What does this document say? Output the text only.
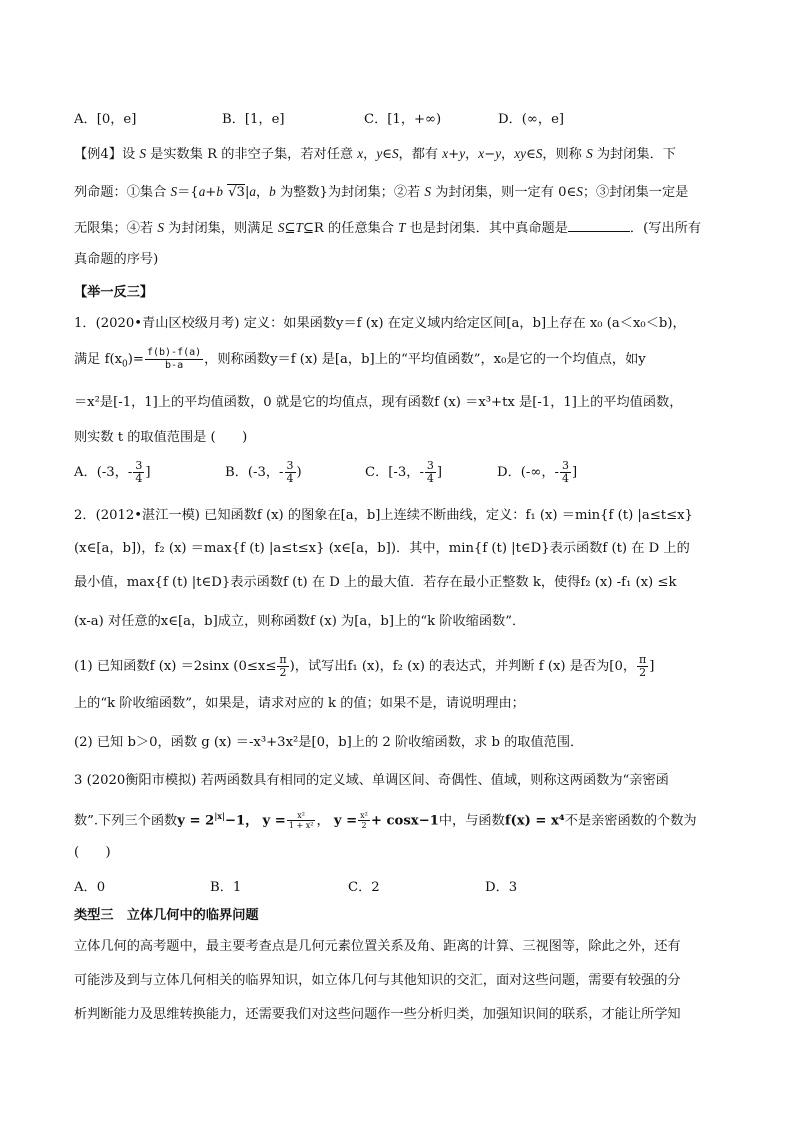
A．[0，e]	B．[1，e]	C．[1，+∞)	D．(∞，e]
【例4】设 S 是实数集 R 的非空子集，若对任意 x，y∈S，都有 x+y，x−y，xy∈S，则称 S 为封闭集．下
列命题：①集合 S＝{a+b √3|a，b 为整数}为封闭集；②若 S 为封闭集，则一定有 0∈S；③封闭集一定是
无限集；④若 S 为封闭集，则满足 S⊆T⊆R 的任意集合 T 也是封闭集．其中真命题是	．(写出所有
真命题的序号)
【举一反三】
1．(2020•青山区校级月考) 定义：如果函数y＝f (x) 在定义域内给定区间[a，b]上存在 x₀ (a＜x₀＜b)，
满足 $f(x_0)= \frac{f(b)-f(a)}{b-a}$ ，则称函数y＝f (x) 是[a，b]上的“平均值函数”，x₀是它的一个均值点，如y
＝x²是[-1，1]上的平均值函数，0 就是它的均值点，现有函数f (x) ＝x³+tx 是[-1，1]上的平均值函数，
则实数 t 的取值范围是 (　　)
A．(-3，- $\frac{3}{4}$ ]	B．(-3，- $\frac{3}{4}$ )	C．[-3，- $\frac{3}{4}$ ]	D．(-∞，- $\frac{3}{4}$ ]
2．(2012•湛江一模) 已知函数f (x) 的图象在[a，b]上连续不断曲线，定义：f₁ (x) ＝min{f (t) |a≤t≤x}
(x∈[a，b])，f₂ (x) ＝max{f (t) |a≤t≤x} (x∈[a，b])．其中，min{f (t) |t∈D}表示函数f (t) 在 D 上的
最小值，max{f (t) |t∈D}表示函数f (t) 在 D 上的最大值．若存在最小正整数 k，使得f₂ (x) -f₁ (x) ≤k
(x-a) 对任意的x∈[a，b]成立，则称函数f (x) 为[a，b]上的“k 阶收缩函数”．
(1) 已知函数f (x) ＝2sinx ($0\le x\le \frac{\pi}{2}$ )，试写出f₁ (x)，f₂ (x) 的表达式，并判断 f (x) 是否为[0， $\frac{\pi}{2}$ ]
上的“k 阶收缩函数”，如果是，请求对应的 k 的值；如果不是，请说明理由；
(2) 已知 b＞0，函数 g (x) ＝-x³+3x²是[0，b]上的 2 阶收缩函数，求 b 的取值范围．
3 (2020衡阳市模拟) 若两函数具有相同的定义域、单调区间、奇偶性、值域，则称这两函数为“亲密函
数”.下列三个函数$y = 2^{|x|}-1$， $y = \frac{\text{x²}}{\text{1 + x²}}$ ， $y = \frac{\text{x²}}{2} + \cos x-1$中，与函数f(x) = x⁴不是亲密函数的个数为
(　　)
A．0	B．1	C．2	D．3
类型三　立体几何中的临界问题
立体几何的高考题中，最主要考查点是几何元素位置关系及角、距离的计算、三视图等，除此之外，还有
可能涉及到与立体几何相关的临界知识，如立体几何与其他知识的交汇，面对这些问题，需要有较强的分
析判断能力及思维转换能力，还需要我们对这些问题作一些分析归类，加强知识间的联系，才能让所学知
